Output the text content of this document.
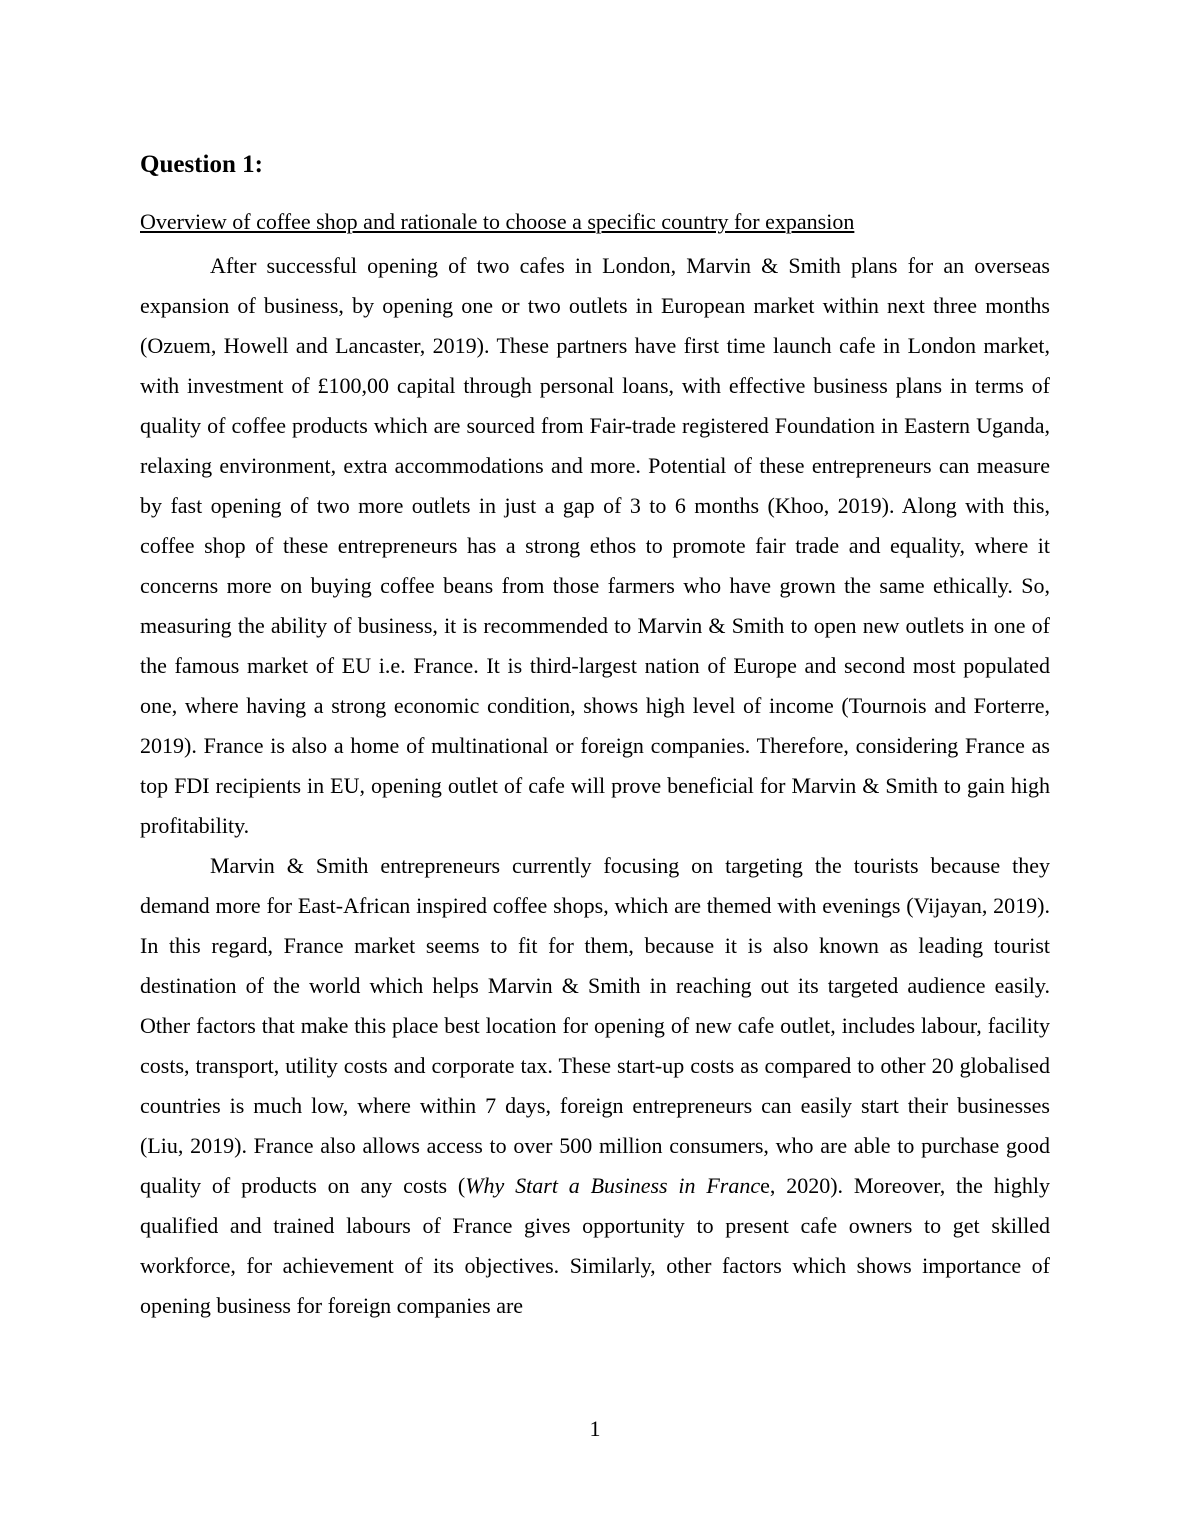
Question 1:
Overview of coffee shop and rationale to choose a specific country for expansion

After successful opening of two cafes in London, Marvin & Smith plans for an overseas expansion of business, by opening one or two outlets in European market within next three months (Ozuem, Howell and Lancaster, 2019). These partners have first time launch cafe in London market, with investment of £100,00 capital through personal loans, with effective business plans in terms of quality of coffee products which are sourced from Fair-trade registered Foundation in Eastern Uganda, relaxing environment, extra accommodations and more. Potential of these entrepreneurs can measure by fast opening of two more outlets in just a gap of 3 to 6 months (Khoo, 2019). Along with this, coffee shop of these entrepreneurs has a strong ethos to promote fair trade and equality, where it concerns more on buying coffee beans from those farmers who have grown the same ethically. So, measuring the ability of business, it is recommended to Marvin & Smith to open new outlets in one of the famous market of EU i.e. France. It is third-largest nation of Europe and second most populated one, where having a strong economic condition, shows high level of income (Tournois and Forterre, 2019). France is also a home of multinational or foreign companies. Therefore, considering France as top FDI recipients in EU, opening outlet of cafe will prove beneficial for Marvin & Smith to gain high profitability.

Marvin & Smith entrepreneurs currently focusing on targeting the tourists because they demand more for East-African inspired coffee shops, which are themed with evenings (Vijayan, 2019). In this regard, France market seems to fit for them, because it is also known as leading tourist destination of the world which helps Marvin & Smith in reaching out its targeted audience easily. Other factors that make this place best location for opening of new cafe outlet, includes labour, facility costs, transport, utility costs and corporate tax. These start-up costs as compared to other 20 globalised countries is much low, where within 7 days, foreign entrepreneurs can easily start their businesses (Liu, 2019). France also allows access to over 500 million consumers, who are able to purchase good quality of products on any costs (Why Start a Business in France, 2020). Moreover, the highly qualified and trained labours of France gives opportunity to present cafe owners to get skilled workforce, for achievement of its objectives. Similarly, other factors which shows importance of opening business for foreign companies are

1
